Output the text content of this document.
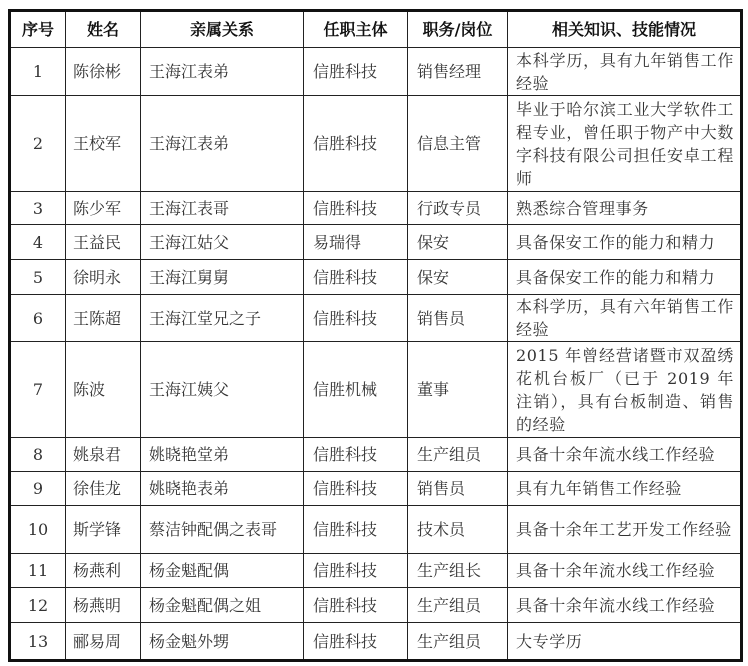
序号	姓名	亲属关系	任职主体	职务/岗位	相关知识、技能情况
1	陈徐彬	王海江表弟	信胜科技	销售经理	本科学历，具有九年销售工作经验
2	王校军	王海江表弟	信胜科技	信息主管	毕业于哈尔滨工业大学软件工程专业，曾任职于物产中大数字科技有限公司担任安卓工程师
3	陈少军	王海江表哥	信胜科技	行政专员	熟悉综合管理事务
4	王益民	王海江姑父	易瑞得	保安	具备保安工作的能力和精力
5	徐明永	王海江舅舅	信胜科技	保安	具备保安工作的能力和精力
6	王陈超	王海江堂兄之子	信胜科技	销售员	本科学历，具有六年销售工作经验
7	陈波	王海江姨父	信胜机械	董事	2015 年曾经营诸暨市双盈绣花机台板厂（已于 2019 年注销），具有台板制造、销售的经验
8	姚泉君	姚晓艳堂弟	信胜科技	生产组员	具备十余年流水线工作经验
9	徐佳龙	姚晓艳表弟	信胜科技	销售员	具有九年销售工作经验
10	斯学锋	蔡洁钟配偶之表哥	信胜科技	技术员	具备十余年工艺开发工作经验
11	杨燕利	杨金魁配偶	信胜科技	生产组长	具备十余年流水线工作经验
12	杨燕明	杨金魁配偶之姐	信胜科技	生产组员	具备十余年流水线工作经验
13	郦易周	杨金魁外甥	信胜科技	生产组员	大专学历
